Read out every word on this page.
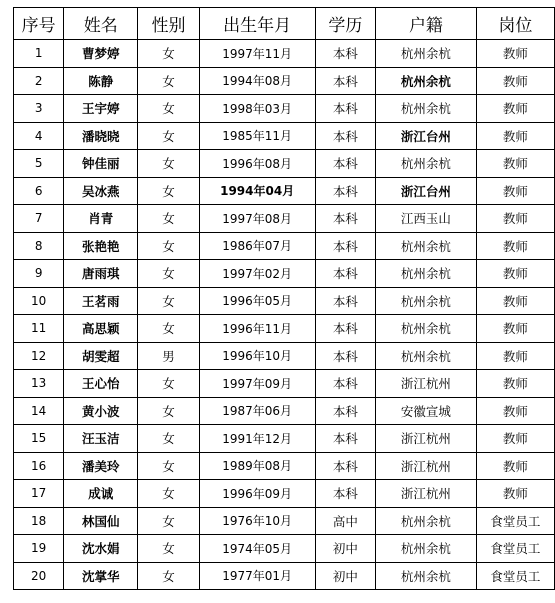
序号	姓名	性别	出生年月	学历	户籍	岗位
1	曹梦婷	女	1997年11月	本科	杭州余杭	教师
2	陈静	女	1994年08月	本科	杭州余杭	教师
3	王宇婷	女	1998年03月	本科	杭州余杭	教师
4	潘晓晓	女	1985年11月	本科	浙江台州	教师
5	钟佳丽	女	1996年08月	本科	杭州余杭	教师
6	吴冰燕	女	1994年04月	本科	浙江台州	教师
7	肖青	女	1997年08月	本科	江西玉山	教师
8	张艳艳	女	1986年07月	本科	杭州余杭	教师
9	唐雨琪	女	1997年02月	本科	杭州余杭	教师
10	王茗雨	女	1996年05月	本科	杭州余杭	教师
11	高思颖	女	1996年11月	本科	杭州余杭	教师
12	胡雯超	男	1996年10月	本科	杭州余杭	教师
13	王心怡	女	1997年09月	本科	浙江杭州	教师
14	黄小波	女	1987年06月	本科	安徽宣城	教师
15	汪玉洁	女	1991年12月	本科	浙江杭州	教师
16	潘美玲	女	1989年08月	本科	浙江杭州	教师
17	成诚	女	1996年09月	本科	浙江杭州	教师
18	林国仙	女	1976年10月	高中	杭州余杭	食堂员工
19	沈水娟	女	1974年05月	初中	杭州余杭	食堂员工
20	沈掌华	女	1977年01月	初中	杭州余杭	食堂员工
